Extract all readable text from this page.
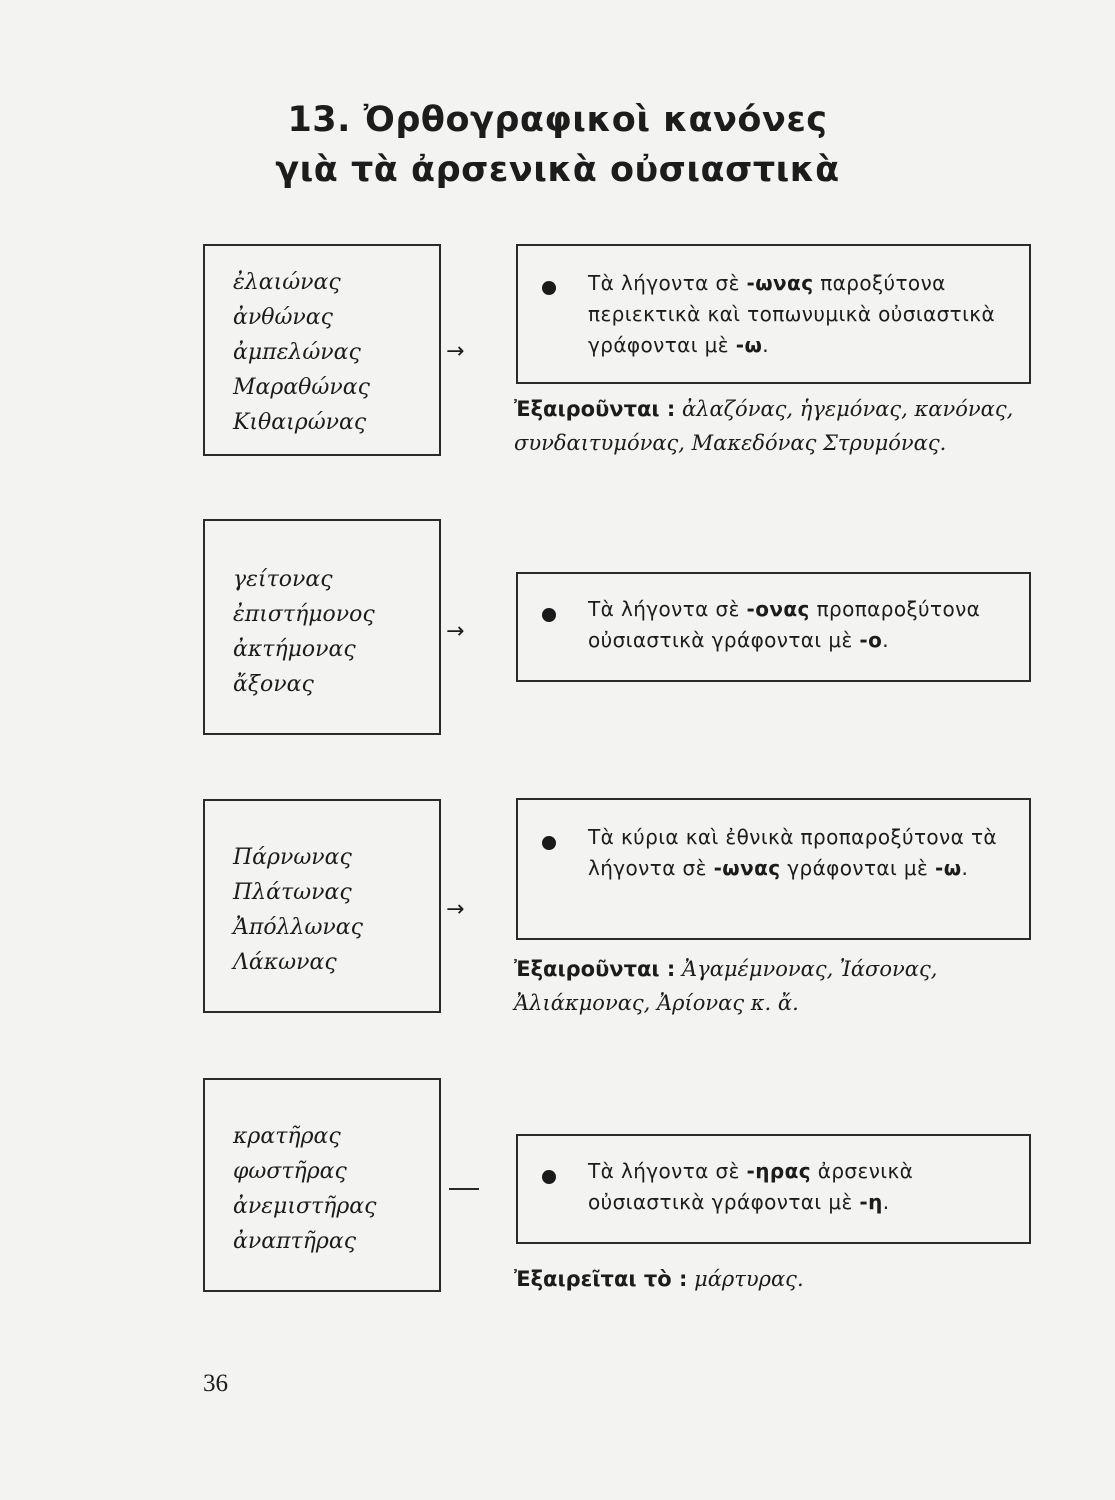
13. Ὀρθογραφικοὶ κανόνες
γιὰ τὰ ἀρσενικὰ οὐσιαστικὰ
ἐλαιώνας
ἀνθώνας
ἀμπελώνας
Μαραθώνας
Κιθαιρώνας
→
Τὰ λήγοντα σὲ -ωνας παροξύτονα περιεκτικὰ καὶ τοπωνυμικὰ οὐσιαστικὰ γράφονται μὲ -ω.
Ἐξαιροῦνται : ἀλαζόνας, ἡγεμόνας, κανόνας, συνδαιτυμόνας, Μακεδόνας Στρυμόνας.
γείτονας
ἐπιστήμονος
ἀκτήμονας
ἄξονας
→
Τὰ λήγοντα σὲ -ονας προπαροξύτονα οὐσιαστικὰ γράφονται μὲ -ο.
Πάρνωνας
Πλάτωνας
Ἀπόλλωνας
Λάκωνας
→
Τὰ κύρια καὶ ἐθνικὰ προπαροξύτονα τὰ λήγοντα σὲ -ωνας γράφονται μὲ -ω.
Ἐξαιροῦνται : Ἀγαμέμνονας, Ἰάσονας, Ἀλιάκμονας, Ἀρίονας κ. ἄ.
κρατῆρας
φωστῆρας
ἀνεμιστῆρας
ἀναπτῆρας
Τὰ λήγοντα σὲ -ηρας ἀρσενικὰ οὐσιαστικὰ γράφονται μὲ -η.
Ἐξαιρεῖται τὸ : μάρτυρας.
36
